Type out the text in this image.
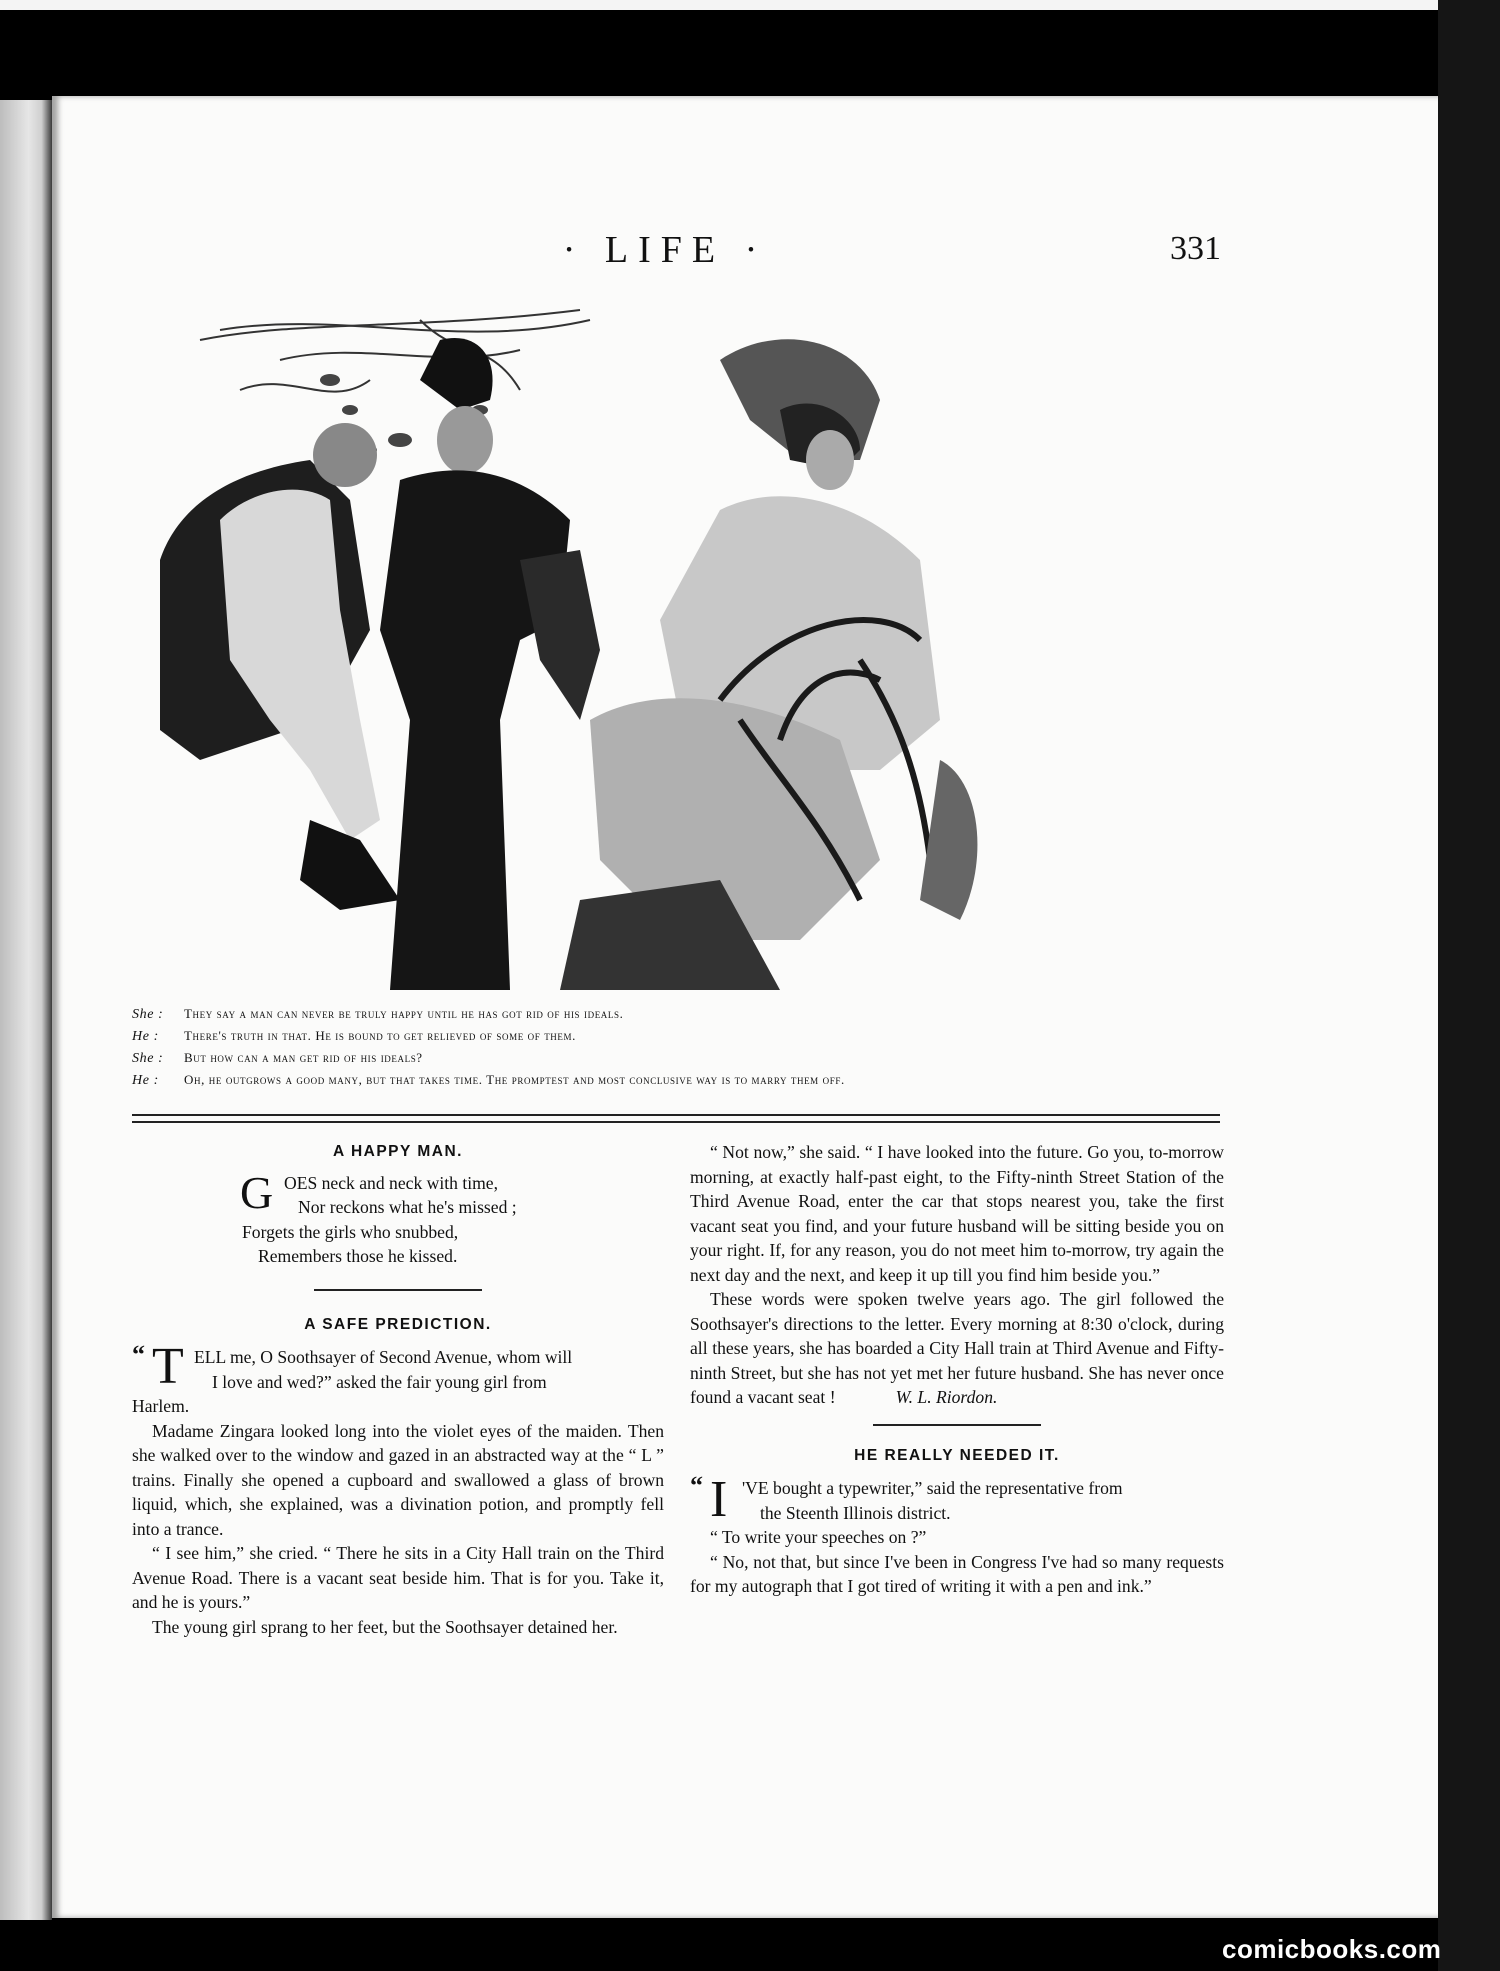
· LIFE ·	331
She : They say a man can never be truly happy until he has got rid of his ideals.
He : There's truth in that. He is bound to get relieved of some of them.
She : But how can a man get rid of his ideals?
He : Oh, he outgrows a good many, but that takes time. The promptest and most conclusive way is to marry them off.
A HAPPY MAN.
G OES neck and neck with time,
Nor reckons what he's missed ;
Forgets the girls who snubbed,
Remembers those he kissed.
A SAFE PREDICTION.
“ T ELL me, O Soothsayer of Second Avenue, whom will
I love and wed?” asked the fair young girl from
Harlem.

Madame Zingara looked long into the violet eyes of the maiden. Then she walked over to the window and gazed in an abstracted way at the “ L ” trains. Finally she opened a cupboard and swallowed a glass of brown liquid, which, she explained, was a divination potion, and promptly fell into a trance.

“ I see him,” she cried. “ There he sits in a City Hall train on the Third Avenue Road. There is a vacant seat beside him. That is for you. Take it, and he is yours.”

The young girl sprang to her feet, but the Soothsayer detained her.

“ Not now,” she said. “ I have looked into the future. Go you, to-morrow morning, at exactly half-past eight, to the Fifty-ninth Street Station of the Third Avenue Road, enter the car that stops nearest you, take the first vacant seat you find, and your future husband will be sitting beside you on your right. If, for any reason, you do not meet him to-morrow, try again the next day and the next, and keep it up till you find him beside you.”

These words were spoken twelve years ago. The girl followed the Soothsayer's directions to the letter. Every morning at 8:30 o'clock, during all these years, she has boarded a City Hall train at Third Avenue and Fifty-ninth Street, but she has not yet met her future husband. She has never once found a vacant seat !	W. L. Riordon.

HE REALLY NEEDED IT.
“ I 'VE bought a typewriter,” said the representative from
the Steenth Illinois district.

“ To write your speeches on ?”

“ No, not that, but since I've been in Congress I've had so many requests for my autograph that I got tired of writing it with a pen and ink.”

comicbooks.com
